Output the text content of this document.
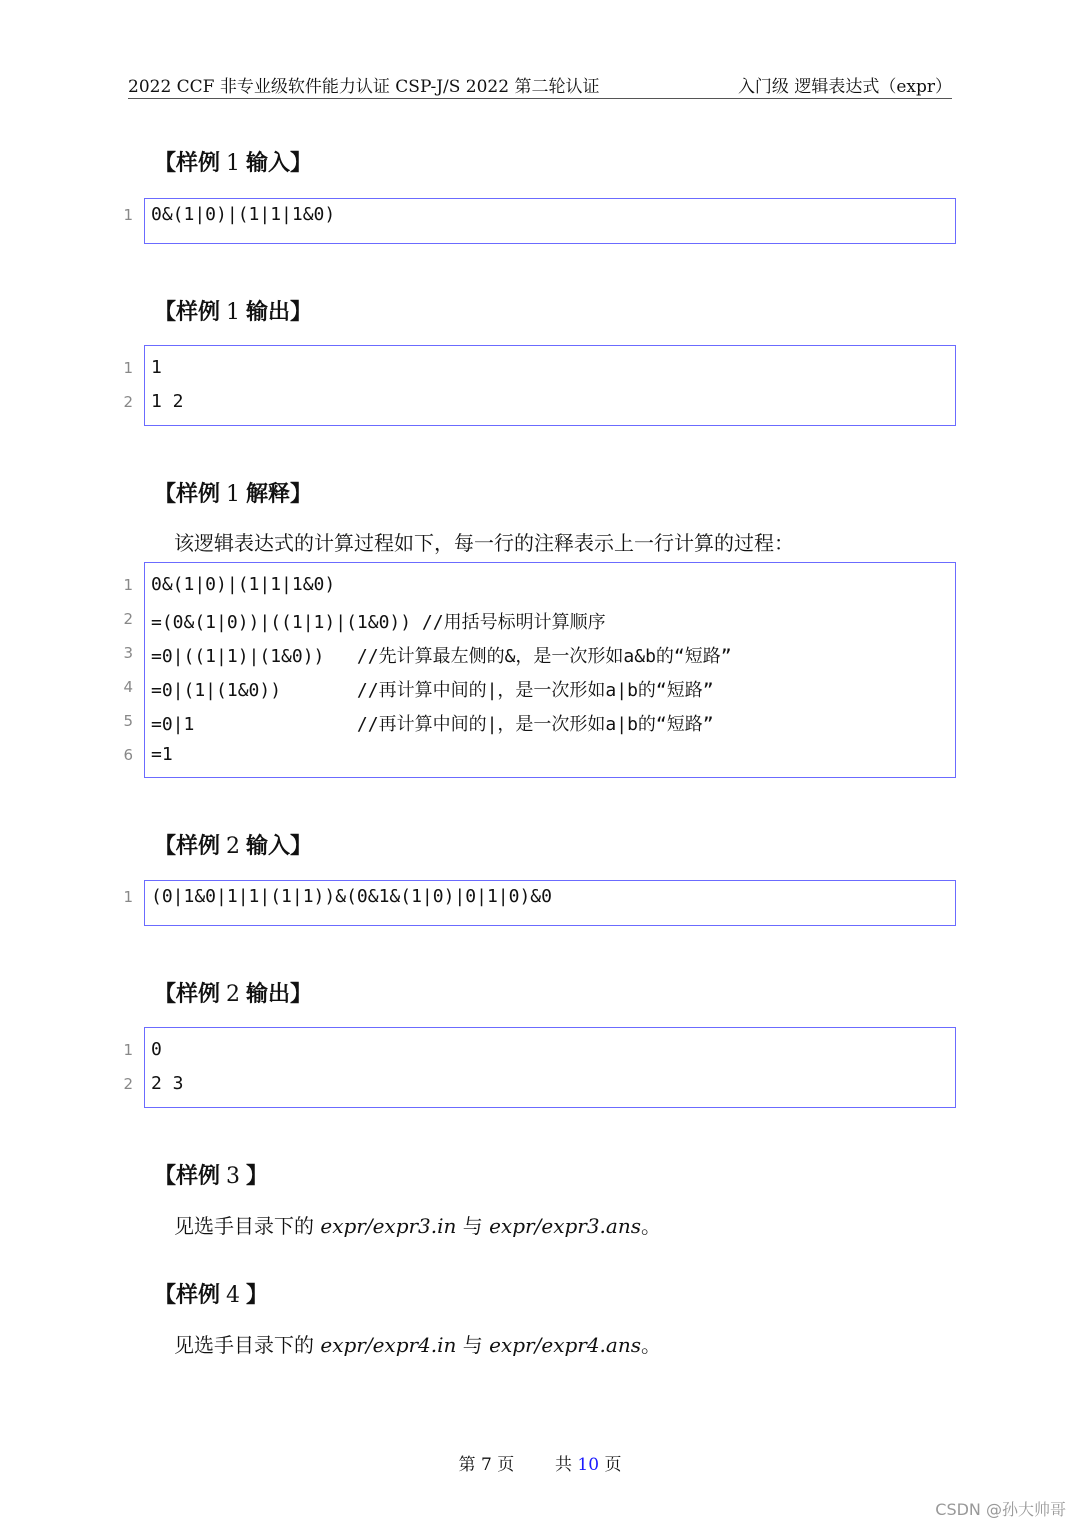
2022 CCF 非专业级软件能力认证 CSP-J/S 2022 第二轮认证	入门级 逻辑表达式（expr）
【样例 1 输入】
1 0&(1|0)|(1|1|1&0)
【样例 1 输出】
1 1
2 1 2
【样例 1 解释】
该逻辑表达式的计算过程如下，每一行的注释表示上一行计算的过程：
1 0&(1|0)|(1|1|1&0)
2 =(0&(1|0))|((1|1)|(1&0)) //用括号标明计算顺序
3 =0|((1|1)|(1&0))   //先计算最左侧的&，是一次形如a&b的“短路”
4 =0|(1|(1&0))       //再计算中间的|，是一次形如a|b的“短路”
5 =0|1               //再计算中间的|，是一次形如a|b的“短路”
6 =1
【样例 2 输入】
1 (0|1&0|1|1|(1|1))&(0&1&(1|0)|0|1|0)&0
【样例 2 输出】
1 0
2 2 3
【样例 3 】
见选手目录下的 expr/expr3.in 与 expr/expr3.ans。
【样例 4 】
见选手目录下的 expr/expr4.in 与 expr/expr4.ans。
第 7 页 共 10 页
CSDN @孙大帅哥
